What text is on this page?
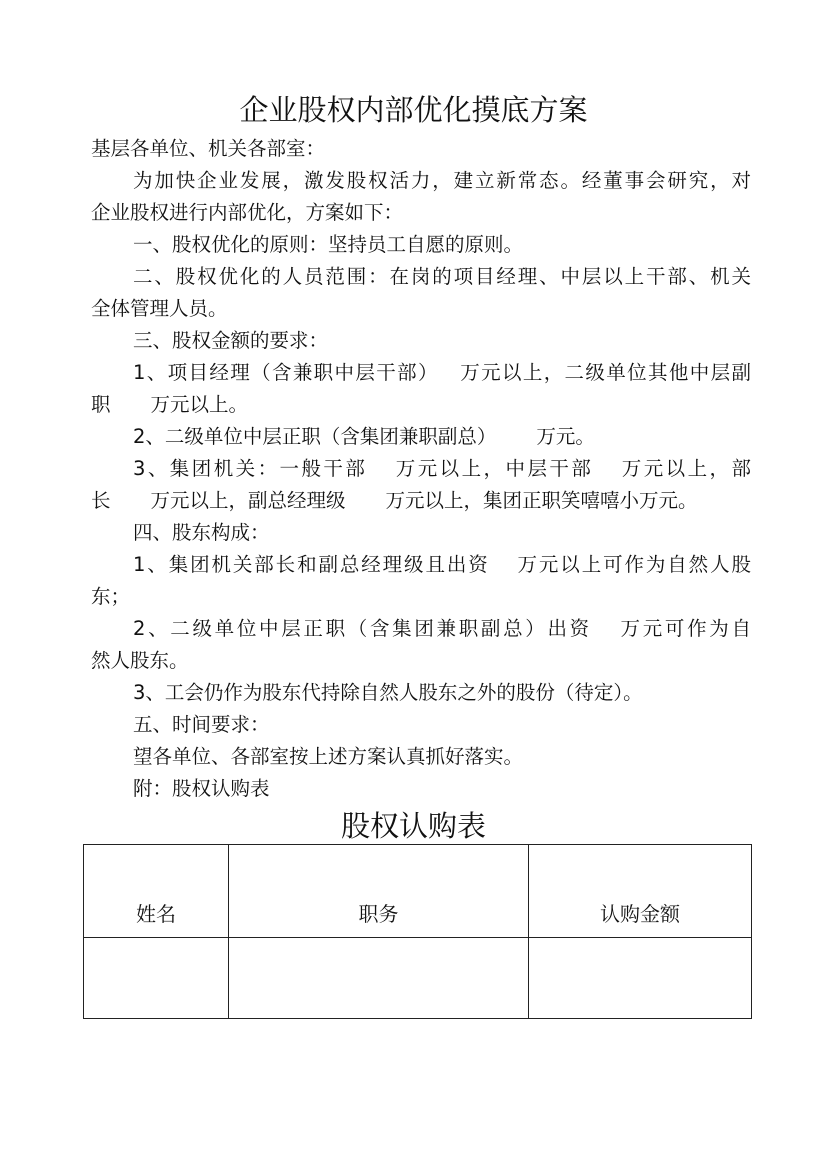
企业股权内部优化摸底方案

基层各单位、机关各部室：

为加快企业发展，激发股权活力，建立新常态。经董事会研究，对

企业股权进行内部优化，方案如下：

一、股权优化的原则：坚持员工自愿的原则。

二、股权优化的人员范围：在岗的项目经理、中层以上干部、机关

全体管理人员。

三、股权金额的要求：

1、项目经理（含兼职中层干部） 万元以上，二级单位其他中层副

职 万元以上。

2、二级单位中层正职（含集团兼职副总） 万元。

3、集团机关：一般干部 万元以上，中层干部 万元以上，部

长 万元以上，副总经理级 万元以上，集团正职笑嘻嘻小万元。

四、股东构成：

1、集团机关部长和副总经理级且出资 万元以上可作为自然人股

东；

2、二级单位中层正职（含集团兼职副总）出资 万元可作为自

然人股东。

3、工会仍作为股东代持除自然人股东之外的股份（待定）。

五、时间要求：

望各单位、各部室按上述方案认真抓好落实。

附：股权认购表

股权认购表
姓名	职务	认购金额
